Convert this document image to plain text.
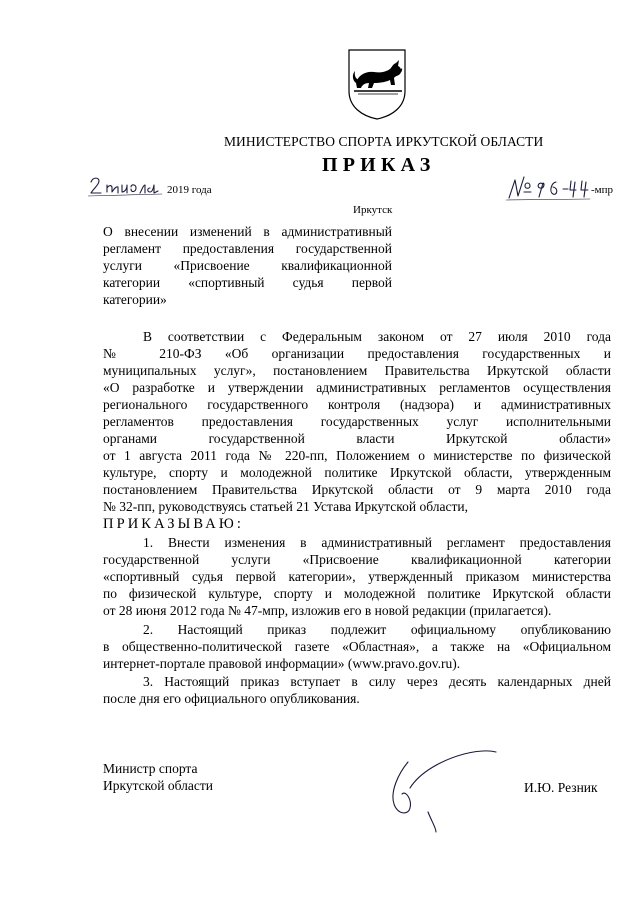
МИНИСТЕРСТВО СПОРТА ИРКУТСКОЙ ОБЛАСТИ
ПРИКАЗ
2019 года	-мпр
Иркутск
О внесении изменений в административный
регламент предоставления государственной
услуги «Присвоение квалификационной
категории «спортивный судья первой
категории»
В соответствии с Федеральным законом от 27 июля 2010 года
№ 210-ФЗ «Об организации предоставления государственных и
муниципальных услуг», постановлением Правительства Иркутской области
«О разработке и утверждении административных регламентов осуществления
регионального государственного контроля (надзора) и административных
регламентов предоставления государственных услуг исполнительными
органами государственной власти Иркутской области»
от 1 августа 2011 года № 220-пп, Положением о министерстве по физической
культуре, спорту и молодежной политике Иркутской области, утвержденным
постановлением Правительства Иркутской области от 9 марта 2010 года
№ 32-пп, руководствуясь статьей 21 Устава Иркутской области,
ПРИКАЗЫВАЮ:
1. Внести изменения в административный регламент предоставления
государственной услуги «Присвоение квалификационной категории
«спортивный судья первой категории», утвержденный приказом министерства
по физической культуре, спорту и молодежной политике Иркутской области
от 28 июня 2012 года № 47-мпр, изложив его в новой редакции (прилагается).
2. Настоящий приказ подлежит официальному опубликованию
в общественно-политической газете «Областная», а также на «Официальном
интернет-портале правовой информации» (www.pravo.gov.ru).
3. Настоящий приказ вступает в силу через десять календарных дней
после дня его официального опубликования.
Министр спорта
Иркутской области	И.Ю. Резник
